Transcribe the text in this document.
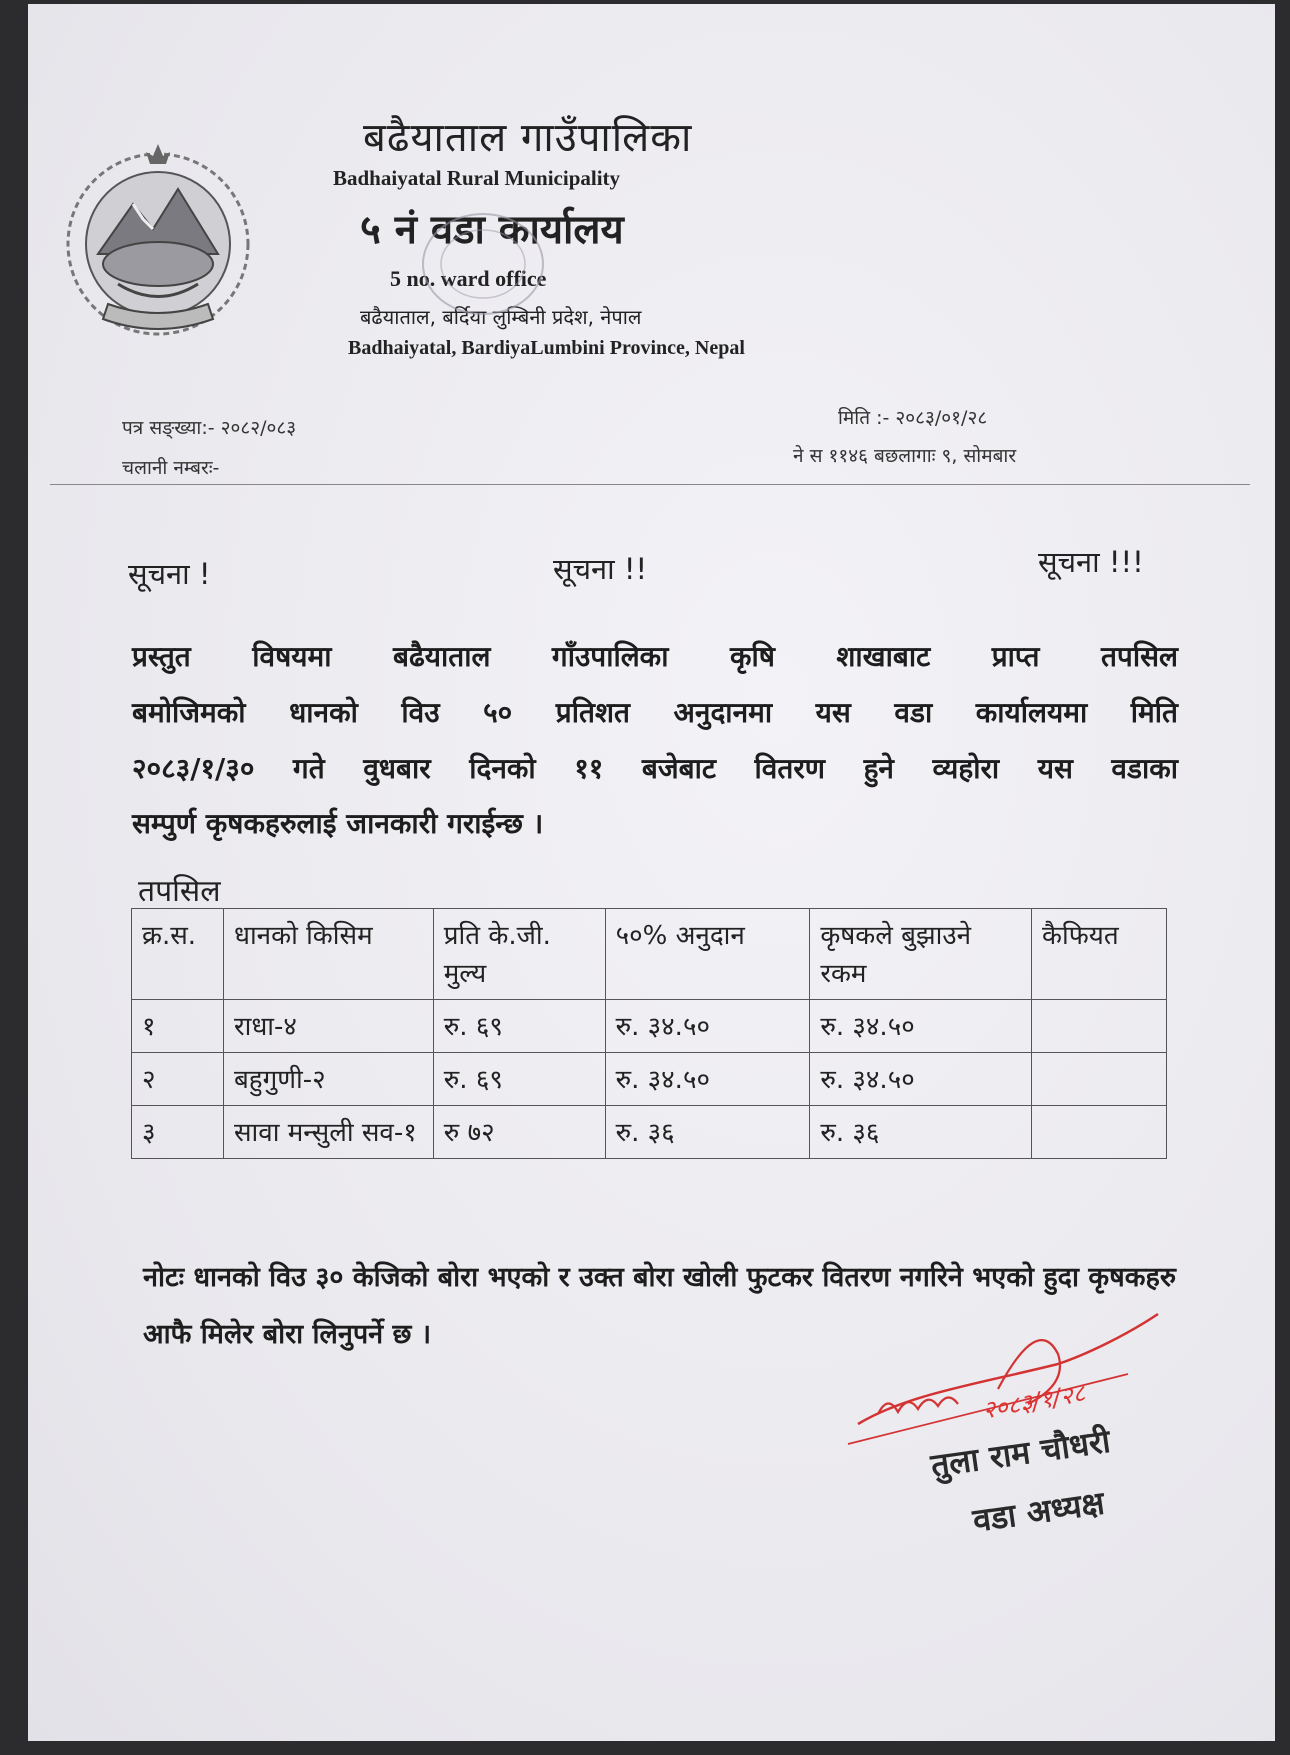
बढैयाताल गाउँपालिका
Badhaiyatal Rural Municipality
५ नं वडा कार्यालय
5 no. ward office
बढैयाताल, बर्दिया लुम्बिनी प्रदेश, नेपाल
Badhaiyatal, BardiyaLumbini Province, Nepal
पत्र सङ्ख्या:- २०८२/०८३
चलानी नम्बरः-
मिति :- २०८३/०१/२८
ने स ११४६ बछलागाः ९, सोमबार
सूचना !	सूचना !!	सूचना !!!
प्रस्तुत विषयमा बढैयाताल गाँउपालिका कृषि शाखाबाट प्राप्त तपसिल
बमोजिमको धानको विउ ५० प्रतिशत अनुदानमा यस वडा कार्यालयमा मिति
२०८३/१/३० गते वुधबार दिनको ११ बजेबाट वितरण हुने व्यहोरा यस वडाका
सम्पुर्ण कृषकहरुलाई जानकारी गराईन्छ ।
तपसिल
क्र.स.	धानको किसिम	प्रति के.जी. मुल्य	५०% अनुदान	कृषकले बुझाउने रकम	कैफियत
१	राधा-४	रु. ६९	रु. ३४.५०	रु. ३४.५०	
२	बहुगुणी-२	रु. ६९	रु. ३४.५०	रु. ३४.५०	
३	सावा मन्सुली सव-१	रु ७२	रु. ३६	रु. ३६	
नोटः धानको विउ ३० केजिको बोरा भएको र उक्त बोरा खोली फुटकर वितरण नगरिने भएको हुदा कृषकहरु आफै मिलेर बोरा लिनुपर्ने छ ।
२०८३/१/२८
तुला राम चौधरी
वडा अध्यक्ष
